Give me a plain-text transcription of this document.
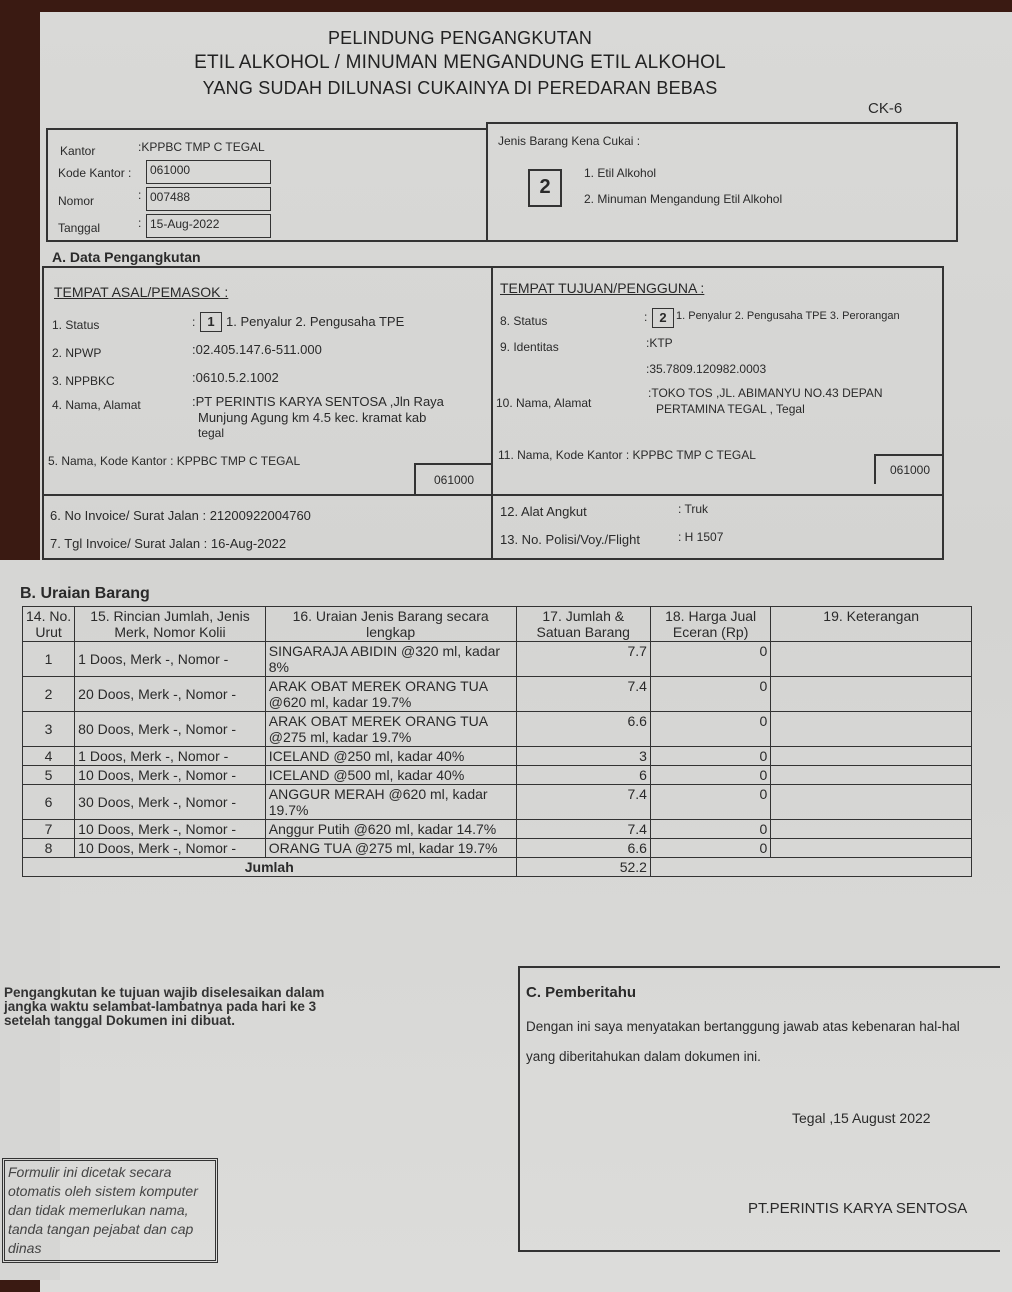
PELINDUNG PENGANGKUTAN
ETIL ALKOHOL / MINUMAN MENGANDUNG ETIL ALKOHOL
YANG SUDAH DILUNASI CUKAINYA DI PEREDARAN BEBAS
CK-6
Kantor	:KPPBC TMP C TEGAL
Kode Kantor :	061000
Nomor	: 007488
Tanggal	: 15-Aug-2022
Jenis Barang Kena Cukai :
2
1. Etil Alkohol
2. Minuman Mengandung Etil Alkohol
A. Data Pengangkutan
TEMPAT ASAL/PEMASOK :
1. Status	: 1 1. Penyalur 2. Pengusaha TPE
2. NPWP	:02.405.147.6-511.000
3. NPPBKC	:0610.5.2.1002
4. Nama, Alamat	:PT PERINTIS KARYA SENTOSA ,Jln Raya
Munjung Agung km 4.5 kec. kramat kab
tegal
5. Nama, Kode Kantor : KPPBC TMP C TEGAL
061000
TEMPAT TUJUAN/PENGGUNA :
8. Status	: 2 1. Penyalur 2. Pengusaha TPE 3. Perorangan
9. Identitas	:KTP
:35.7809.120982.0003
10. Nama, Alamat
:TOKO TOS ,JL. ABIMANYU NO.43 DEPAN
PERTAMINA TEGAL , Tegal
11. Nama, Kode Kantor : KPPBC TMP C TEGAL
061000
6. No Invoice/ Surat Jalan : 21200922004760
7. Tgl Invoice/ Surat Jalan : 16-Aug-2022
12. Alat Angkut	: Truk
13. No. Polisi/Voy./Flight	: H 1507
B. Uraian Barang
14. No. Urut	15. Rincian Jumlah, Jenis Merk, Nomor Kolii	16. Uraian Jenis Barang secara lengkap	17. Jumlah & Satuan Barang	18. Harga Jual Eceran (Rp)	19. Keterangan
1	1 Doos, Merk -, Nomor -	SINGARAJA ABIDIN @320 ml, kadar 8%	7.7	0	
2	20 Doos, Merk -, Nomor -	ARAK OBAT MEREK ORANG TUA @620 ml, kadar 19.7%	7.4	0	
3	80 Doos, Merk -, Nomor -	ARAK OBAT MEREK ORANG TUA @275 ml, kadar 19.7%	6.6	0	
4	1 Doos, Merk -, Nomor -	ICELAND @250 ml, kadar 40%	3	0	
5	10 Doos, Merk -, Nomor -	ICELAND @500 ml, kadar 40%	6	0	
6	30 Doos, Merk -, Nomor -	ANGGUR MERAH @620 ml, kadar 19.7%	7.4	0	
7	10 Doos, Merk -, Nomor -	Anggur Putih @620 ml, kadar 14.7%	7.4	0	
8	10 Doos, Merk -, Nomor -	ORANG TUA @275 ml, kadar 19.7%	6.6	0	
Jumlah			52.2		
Pengangkutan ke tujuan wajib diselesaikan dalam jangka waktu selambat-lambatnya pada hari ke 3 setelah tanggal Dokumen ini dibuat.
Formulir ini dicetak secara otomatis oleh sistem komputer dan tidak memerlukan nama, tanda tangan pejabat dan cap dinas
C. Pemberitahu
Dengan ini saya menyatakan bertanggung jawab atas kebenaran hal-hal yang diberitahukan dalam dokumen ini.
Tegal ,15 August 2022
PT.PERINTIS KARYA SENTOSA
